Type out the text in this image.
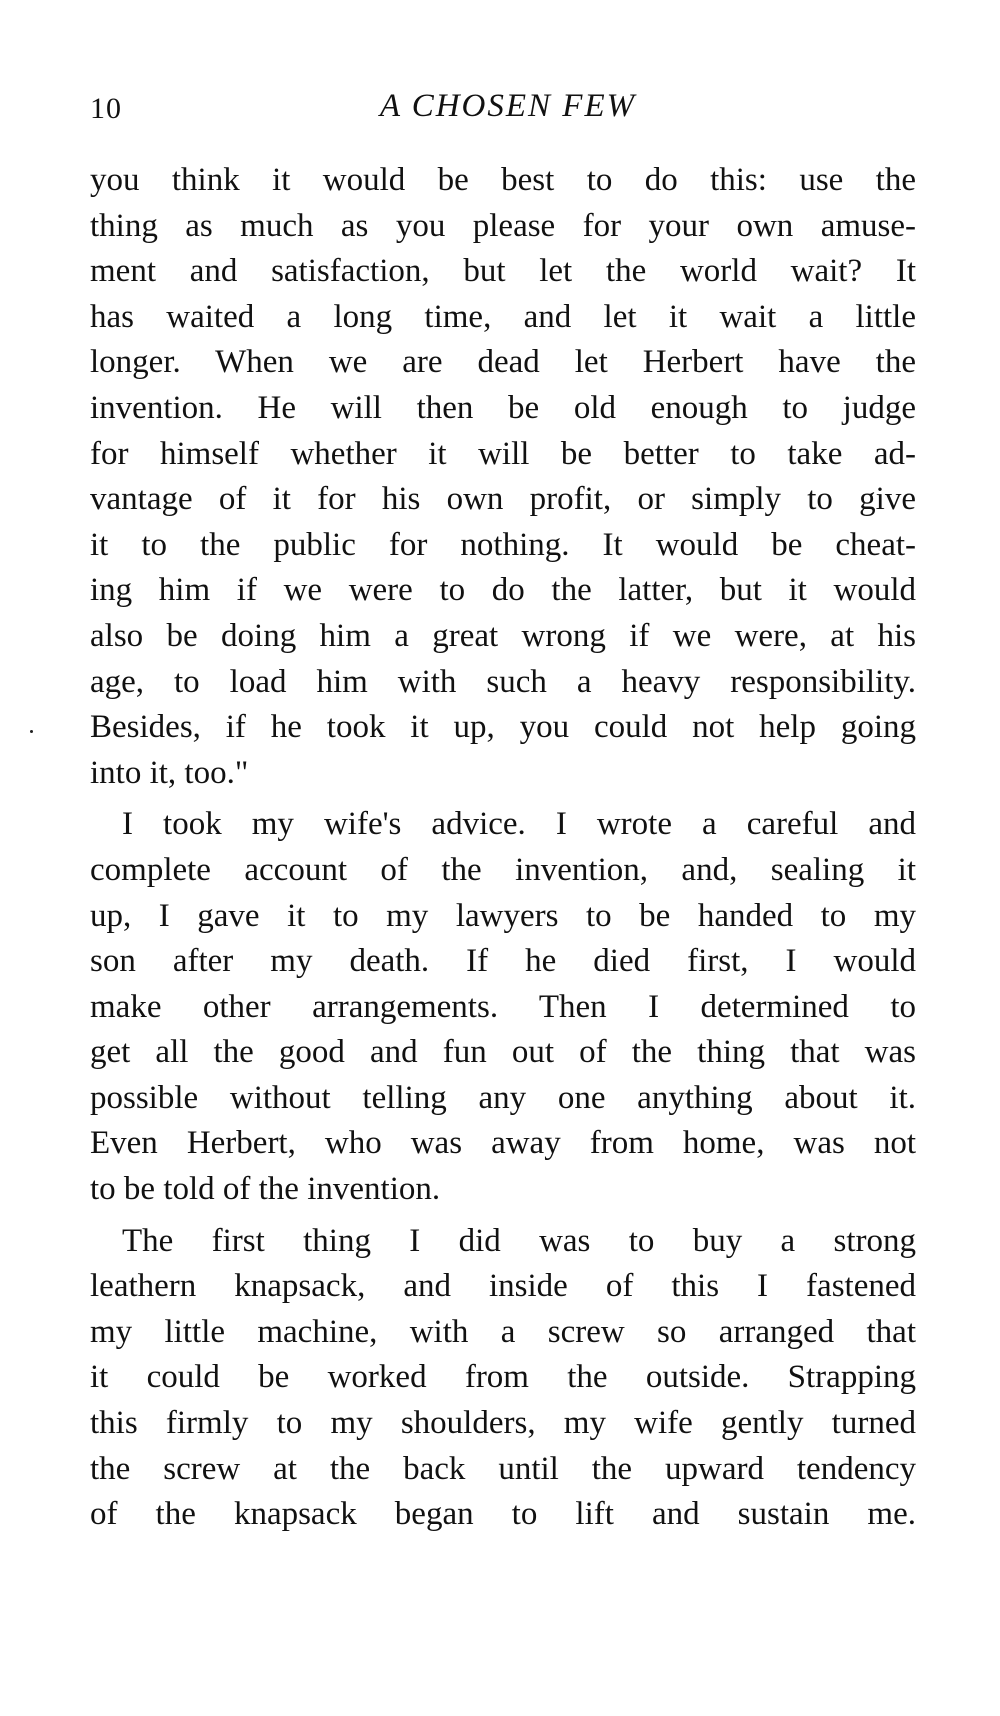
10	A CHOSEN FEW
you think it would be best to do this: use the
thing as much as you please for your own amuse-
ment and satisfaction, but let the world wait? It
has waited a long time, and let it wait a little
longer. When we are dead let Herbert have the
invention. He will then be old enough to judge
for himself whether it will be better to take ad-
vantage of it for his own profit, or simply to give
it to the public for nothing. It would be cheat-
ing him if we were to do the latter, but it would
also be doing him a great wrong if we were, at his
age, to load him with such a heavy responsibility.
Besides, if he took it up, you could not help going
into it, too."
I took my wife's advice. I wrote a careful and
complete account of the invention, and, sealing it
up, I gave it to my lawyers to be handed to my
son after my death. If he died first, I would
make other arrangements. Then I determined to
get all the good and fun out of the thing that was
possible without telling any one anything about it.
Even Herbert, who was away from home, was not
to be told of the invention.
The first thing I did was to buy a strong
leathern knapsack, and inside of this I fastened
my little machine, with a screw so arranged that
it could be worked from the outside. Strapping
this firmly to my shoulders, my wife gently turned
the screw at the back until the upward tendency
of the knapsack began to lift and sustain me.
